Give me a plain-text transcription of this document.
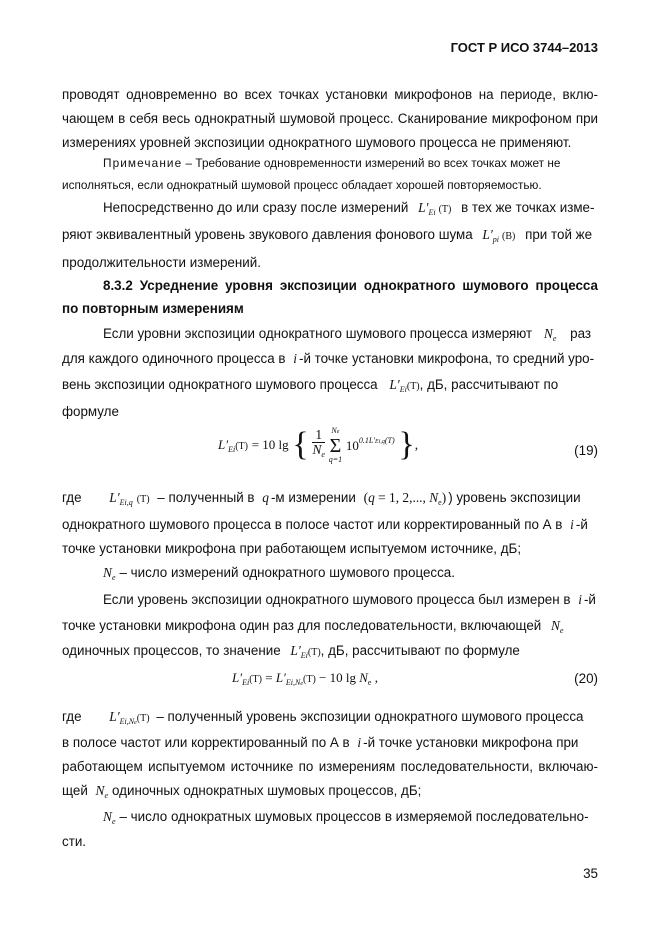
ГОСТ Р ИСО 3744–2013
проводят одновременно во всех точках установки микрофонов на периоде, вклю-
чающем в себя весь однократный шумовой процесс. Сканирование микрофоном при
измерениях уровней экспозиции однократного шумового процесса не применяют.
Примечание – Требование одновременности измерений во всех точках может не
исполняться, если однократный шумовой процесс обладает хорошей повторяемостью.
Непосредственно до или сразу после измерений $L'_{Ei}$ (T) в тех же точках изме-
ряют эквивалентный уровень звукового давления фонового шума $L'_{pi}$ (B) при той же
продолжительности измерений.
8.3.2 Усреднение уровня экспозиции однократного шумового процесса
по повторным измерениям
Если уровни экспозиции однократного шумового процесса измеряют $N_e$ раз
для каждого одиночного процесса в i -й точке установки микрофона, то средний уро-
вень экспозиции однократного шумового процесса $L'_{Ei}(T)$, дБ, рассчитывают по
формуле
$L'_{Ei}(T) = 10$ lg { $\frac{1}{N_e}$
Ne
Σ
q=1
$10^{0.1L'Ei,q(T)}$ },	(19)
где $L'_{Ei,q}$ (T) – полученный в q -м измерении (q = 1, 2,..., $N_e$) ) уровень экспозиции
однократного шумового процесса в полосе частот или корректированный по А в i -й
точке установки микрофона при работающем испытуемом источнике, дБ;
$N_e$ – число измерений однократного шумового процесса.
Если уровень экспозиции однократного шумового процесса был измерен в i -й
точке установки микрофона один раз для последовательности, включающей $N_e$
одиночных процессов, то значение $L'_{Ei}(T)$, дБ, рассчитывают по формуле
$L'_{Ei}(T) = L'_{Ei,Ne}(T) - 10$ $\lg N_e$ ,	(20)
где $L'_{Ei,Ne}(T)$ – полученный уровень экспозиции однократного шумового процесса
в полосе частот или корректированный по А в i -й точке установки микрофона при
работающем испытуемом источнике по измерениям последовательности, включаю-
щей $N_e$ одиночных однократных шумовых процессов, дБ;
$N_e$ – число однократных шумовых процессов в измеряемой последовательно-
сти.
35
